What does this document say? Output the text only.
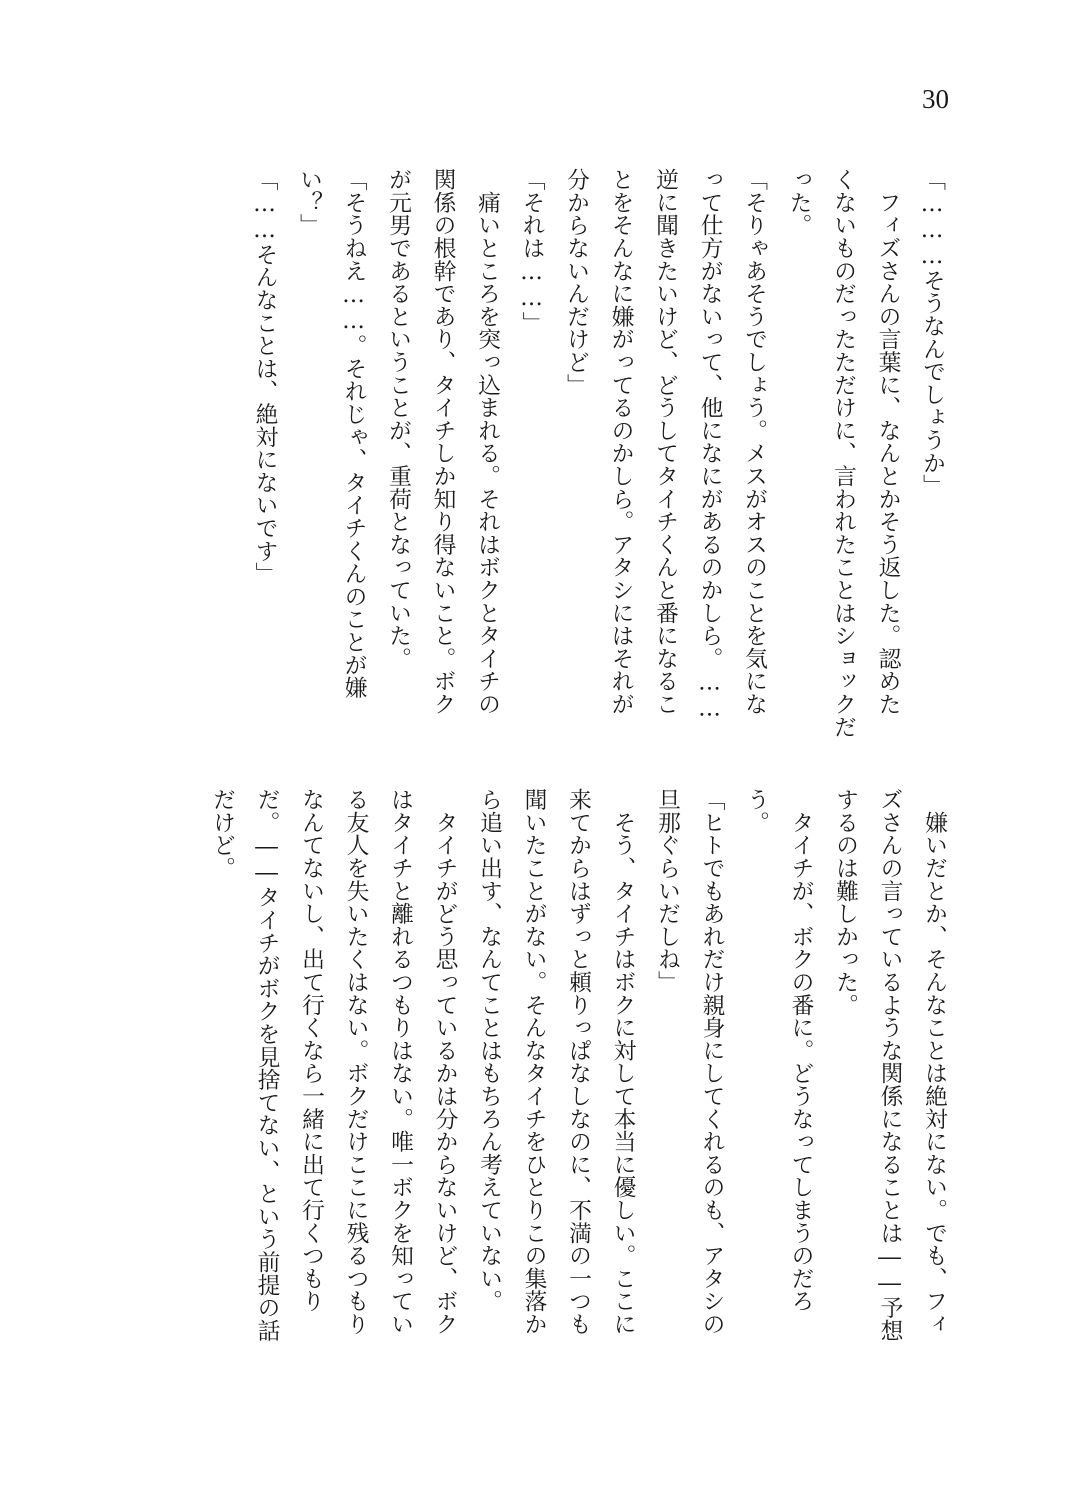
30
「………そうなんでしょうか」
　フィズさんの言葉に、なんとかそう返した。認めた
くないものだったただけに、言われたことはショックだ
った。
「そりゃあそうでしょう。メスがオスのことを気にな
って仕方がないって、他になにがあるのかしら。……
逆に聞きたいけど、どうしてタイチくんと番になるこ
とをそんなに嫌がってるのかしら。アタシにはそれが
分からないんだけど」
「それは……」
　痛いところを突っ込まれる。それはボクとタイチの
関係の根幹であり、タイチしか知り得ないこと。ボク
が元男であるということが、重荷となっていた。
「そうねえ……。それじゃ、タイチくんのことが嫌
い？」
「……そんなことは、絶対にないです」
　嫌いだとか、そんなことは絶対にない。でも、フィ
ズさんの言っているような関係になることは――予想
するのは難しかった。
　タイチが、ボクの番に。どうなってしまうのだろ
う。
「ヒトでもあれだけ親身にしてくれるのも、アタシの
旦那ぐらいだしね」
　そう、タイチはボクに対して本当に優しい。ここに
来てからはずっと頼りっぱなしなのに、不満の一つも
聞いたことがない。そんなタイチをひとりこの集落か
ら追い出す、なんてことはもちろん考えていない。
　タイチがどう思っているかは分からないけど、ボク
はタイチと離れるつもりはない。唯一ボクを知ってい
る友人を失いたくはない。ボクだけここに残るつもり
なんてないし、出て行くなら一緒に出て行くつもり
だ。――タイチがボクを見捨てない、という前提の話
だけど。
